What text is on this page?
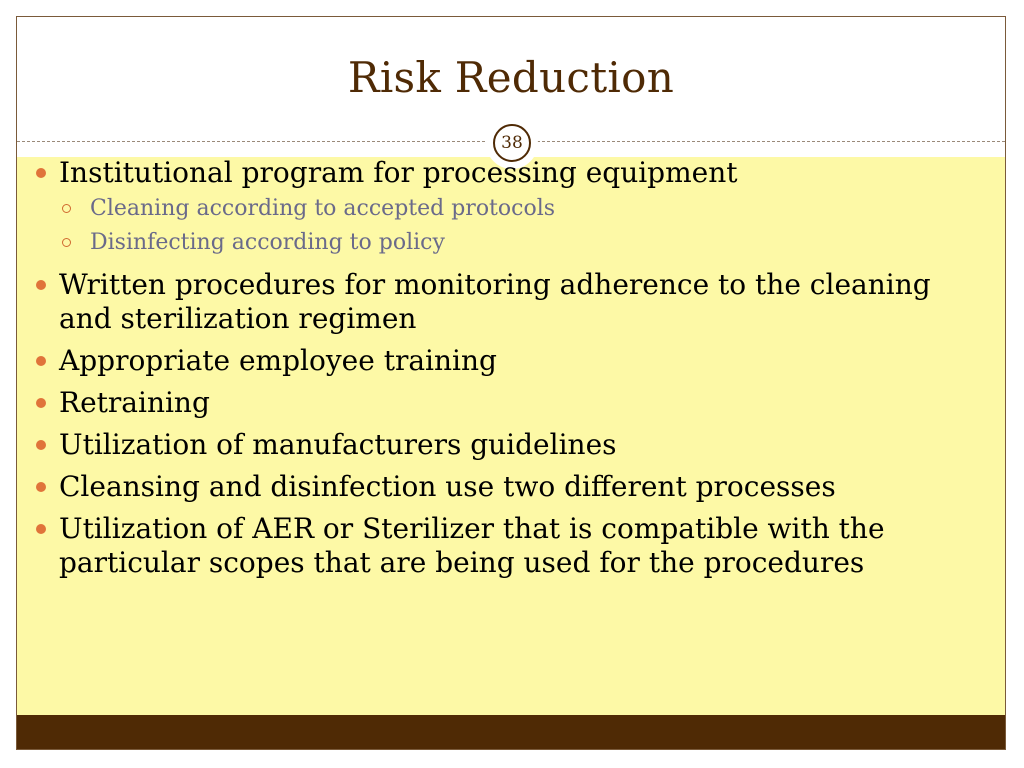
Risk Reduction
38
Institutional program for processing equipment
Cleaning according to accepted protocols
Disinfecting according to policy
Written procedures for monitoring adherence to the cleaning and sterilization regimen
Appropriate employee training
Retraining
Utilization of manufacturers guidelines
Cleansing and disinfection use two different processes
Utilization of AER or Sterilizer that is compatible with the particular scopes that are being used for the procedures
